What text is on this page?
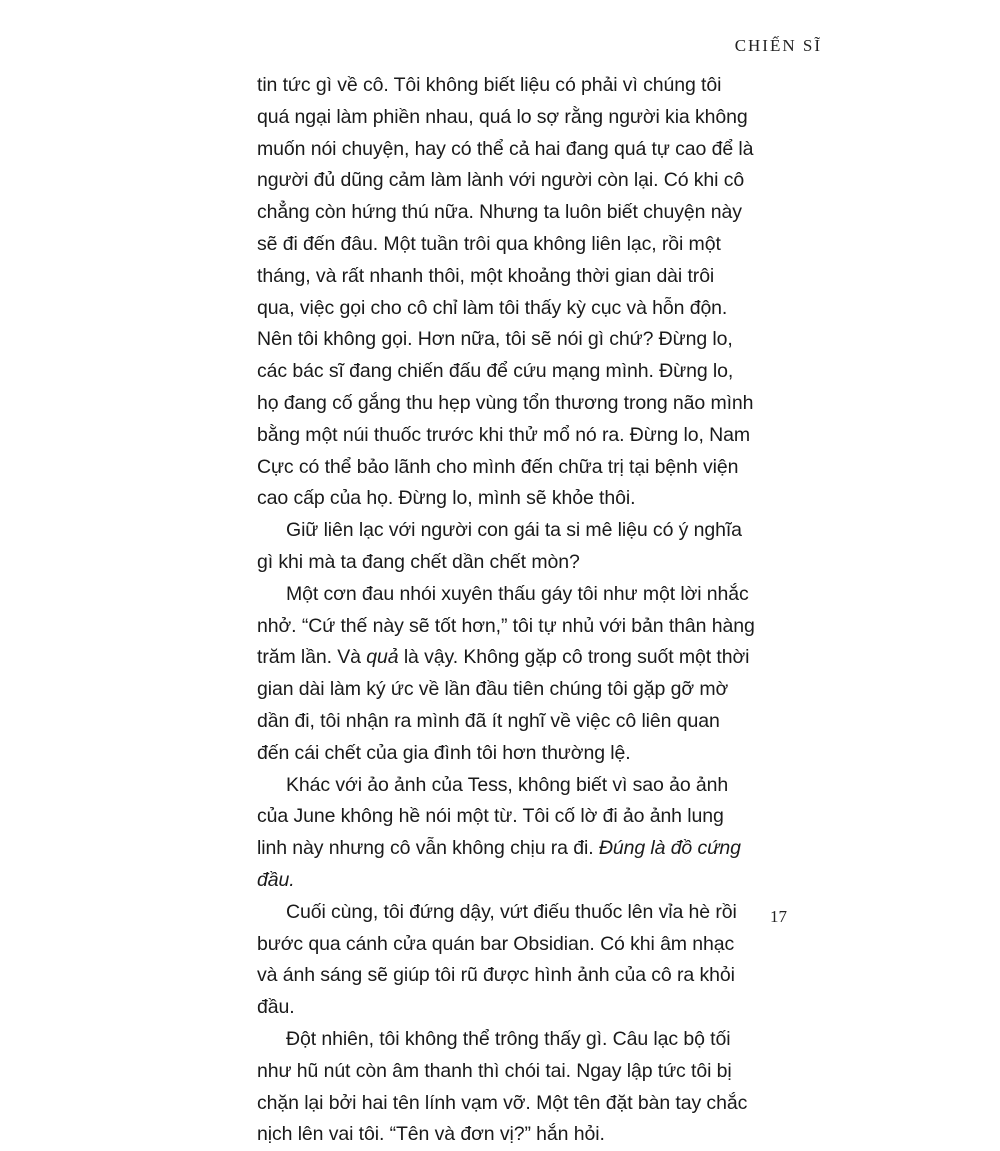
CHIẾN SĨ

tin tức gì về cô. Tôi không biết liệu có phải vì chúng tôi quá ngại làm phiền nhau, quá lo sợ rằng người kia không muốn nói chuyện, hay có thể cả hai đang quá tự cao để là người đủ dũng cảm làm lành với người còn lại. Có khi cô chẳng còn hứng thú nữa. Nhưng ta luôn biết chuyện này sẽ đi đến đâu. Một tuần trôi qua không liên lạc, rồi một tháng, và rất nhanh thôi, một khoảng thời gian dài trôi qua, việc gọi cho cô chỉ làm tôi thấy kỳ cục và hỗn độn. Nên tôi không gọi. Hơn nữa, tôi sẽ nói gì chứ? Đừng lo, các bác sĩ đang chiến đấu để cứu mạng mình. Đừng lo, họ đang cố gắng thu hẹp vùng tổn thương trong não mình bằng một núi thuốc trước khi thử mổ nó ra. Đừng lo, Nam Cực có thể bảo lãnh cho mình đến chữa trị tại bệnh viện cao cấp của họ. Đừng lo, mình sẽ khỏe thôi.

Giữ liên lạc với người con gái ta si mê liệu có ý nghĩa gì khi mà ta đang chết dần chết mòn?

Một cơn đau nhói xuyên thấu gáy tôi như một lời nhắc nhở. “Cứ thế này sẽ tốt hơn,” tôi tự nhủ với bản thân hàng trăm lần. Và quả là vậy. Không gặp cô trong suốt một thời gian dài làm ký ức về lần đầu tiên chúng tôi gặp gỡ mờ dần đi, tôi nhận ra mình đã ít nghĩ về việc cô liên quan đến cái chết của gia đình tôi hơn thường lệ.

Khác với ảo ảnh của Tess, không biết vì sao ảo ảnh của June không hề nói một từ. Tôi cố lờ đi ảo ảnh lung linh này nhưng cô vẫn không chịu ra đi. Đúng là đồ cứng đầu.

Cuối cùng, tôi đứng dậy, vứt điếu thuốc lên vỉa hè rồi bước qua cánh cửa quán bar Obsidian. Có khi âm nhạc và ánh sáng sẽ giúp tôi rũ được hình ảnh của cô ra khỏi đầu.

Đột nhiên, tôi không thể trông thấy gì. Câu lạc bộ tối như hũ nút còn âm thanh thì chói tai. Ngay lập tức tôi bị chặn lại bởi hai tên lính vạm vỡ. Một tên đặt bàn tay chắc nịch lên vai tôi. “Tên và đơn vị?” hắn hỏi.

17
